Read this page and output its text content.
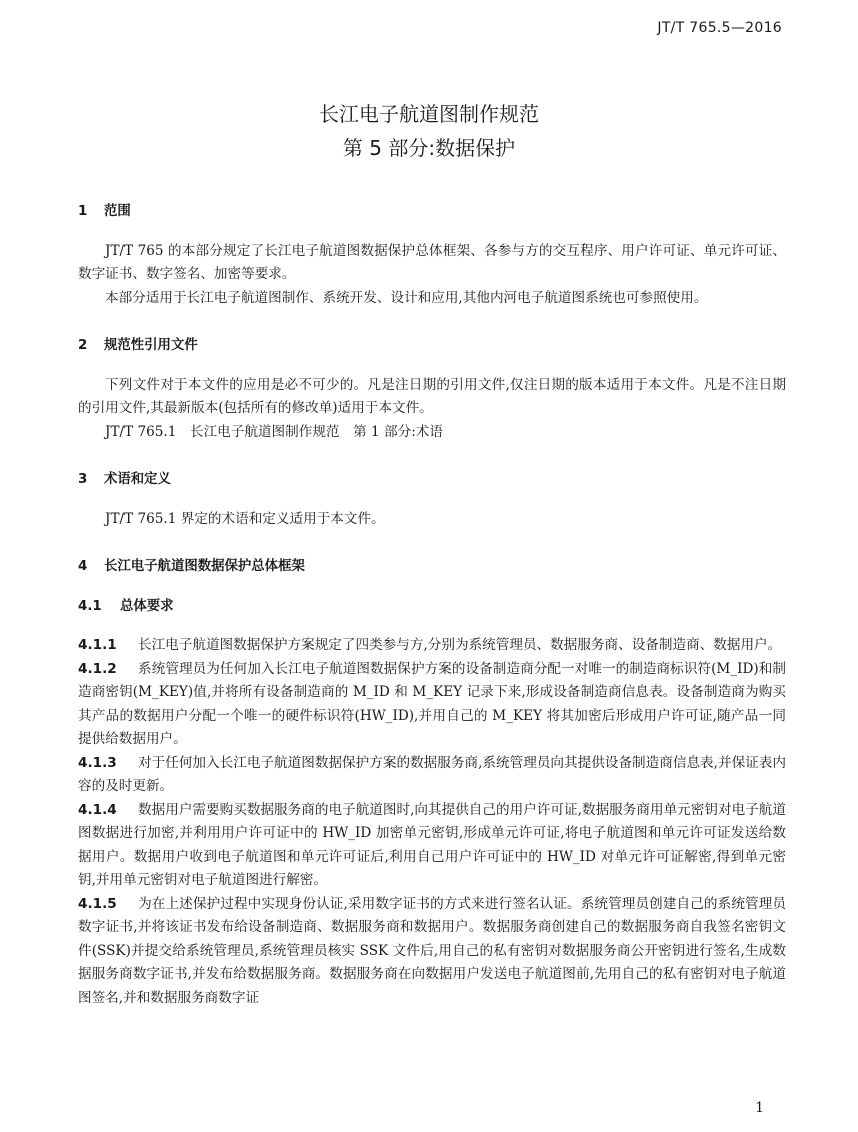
JT/T 765.5—2016
长江电子航道图制作规范
第 5 部分:数据保护
1 范围

JT/T 765 的本部分规定了长江电子航道图数据保护总体框架、各参与方的交互程序、用户许可证、单元许可证、数字证书、数字签名、加密等要求。

本部分适用于长江电子航道图制作、系统开发、设计和应用,其他内河电子航道图系统也可参照使用。

2 规范性引用文件

下列文件对于本文件的应用是必不可少的。凡是注日期的引用文件,仅注日期的版本适用于本文件。凡是不注日期的引用文件,其最新版本(包括所有的修改单)适用于本文件。

JT/T 765.1　长江电子航道图制作规范　第 1 部分:术语

3 术语和定义

JT/T 765.1 界定的术语和定义适用于本文件。

4 长江电子航道图数据保护总体框架
4.1 总体要求

4.1.1 长江电子航道图数据保护方案规定了四类参与方,分别为系统管理员、数据服务商、设备制造商、数据用户。

4.1.2 系统管理员为任何加入长江电子航道图数据保护方案的设备制造商分配一对唯一的制造商标识符(M_ID)和制造商密钥(M_KEY)值,并将所有设备制造商的 M_ID 和 M_KEY 记录下来,形成设备制造商信息表。设备制造商为购买其产品的数据用户分配一个唯一的硬件标识符(HW_ID),并用自己的 M_KEY 将其加密后形成用户许可证,随产品一同提供给数据用户。

4.1.3 对于任何加入长江电子航道图数据保护方案的数据服务商,系统管理员向其提供设备制造商信息表,并保证表内容的及时更新。

4.1.4 数据用户需要购买数据服务商的电子航道图时,向其提供自己的用户许可证,数据服务商用单元密钥对电子航道图数据进行加密,并利用用户许可证中的 HW_ID 加密单元密钥,形成单元许可证,将电子航道图和单元许可证发送给数据用户。数据用户收到电子航道图和单元许可证后,利用自己用户许可证中的 HW_ID 对单元许可证解密,得到单元密钥,并用单元密钥对电子航道图进行解密。

4.1.5 为在上述保护过程中实现身份认证,采用数字证书的方式来进行签名认证。系统管理员创建自己的系统管理员数字证书,并将该证书发布给设备制造商、数据服务商和数据用户。数据服务商创建自己的数据服务商自我签名密钥文件(SSK)并提交给系统管理员,系统管理员核实 SSK 文件后,用自己的私有密钥对数据服务商公开密钥进行签名,生成数据服务商数字证书,并发布给数据服务商。数据服务商在向数据用户发送电子航道图前,先用自己的私有密钥对电子航道图签名,并和数据服务商数字证

1
